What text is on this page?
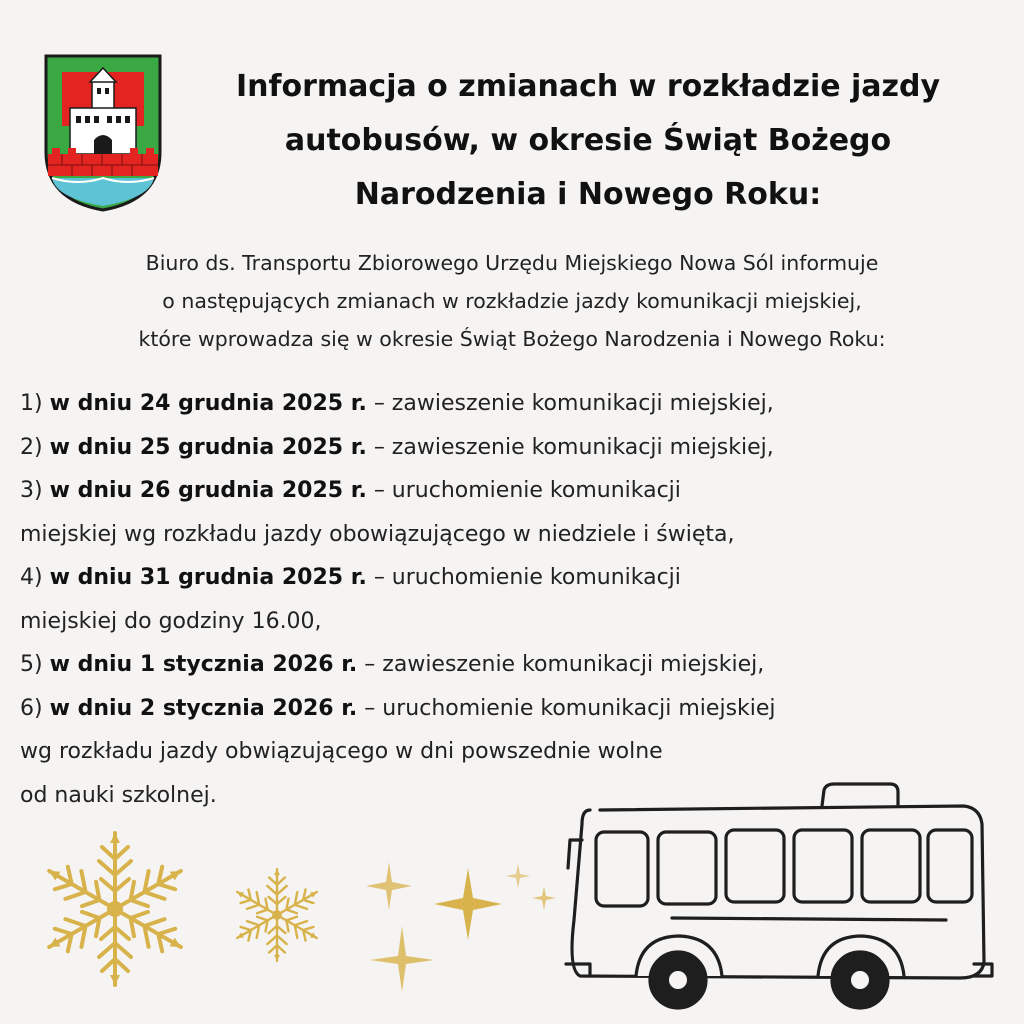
Informacja o zmianach w rozkładzie jazdy
autobusów, w okresie Świąt Bożego
Narodzenia i Nowego Roku:
Biuro ds. Transportu Zbiorowego Urzędu Miejskiego Nowa Sól informuje
o następujących zmianach w rozkładzie jazdy komunikacji miejskiej,
które wprowadza się w okresie Świąt Bożego Narodzenia i Nowego Roku:
1) w dniu 24 grudnia 2025 r. – zawieszenie komunikacji miejskiej,
2) w dniu 25 grudnia 2025 r. – zawieszenie komunikacji miejskiej,
3) w dniu 26 grudnia 2025 r. – uruchomienie komunikacji
miejskiej wg rozkładu jazdy obowiązującego w niedziele i święta,
4) w dniu 31 grudnia 2025 r. – uruchomienie komunikacji
miejskiej do godziny 16.00,
5) w dniu 1 stycznia 2026 r. – zawieszenie komunikacji miejskiej,
6) w dniu 2 stycznia 2026 r. – uruchomienie komunikacji miejskiej
wg rozkładu jazdy obwiązującego w dni powszednie wolne
od nauki szkolnej.
